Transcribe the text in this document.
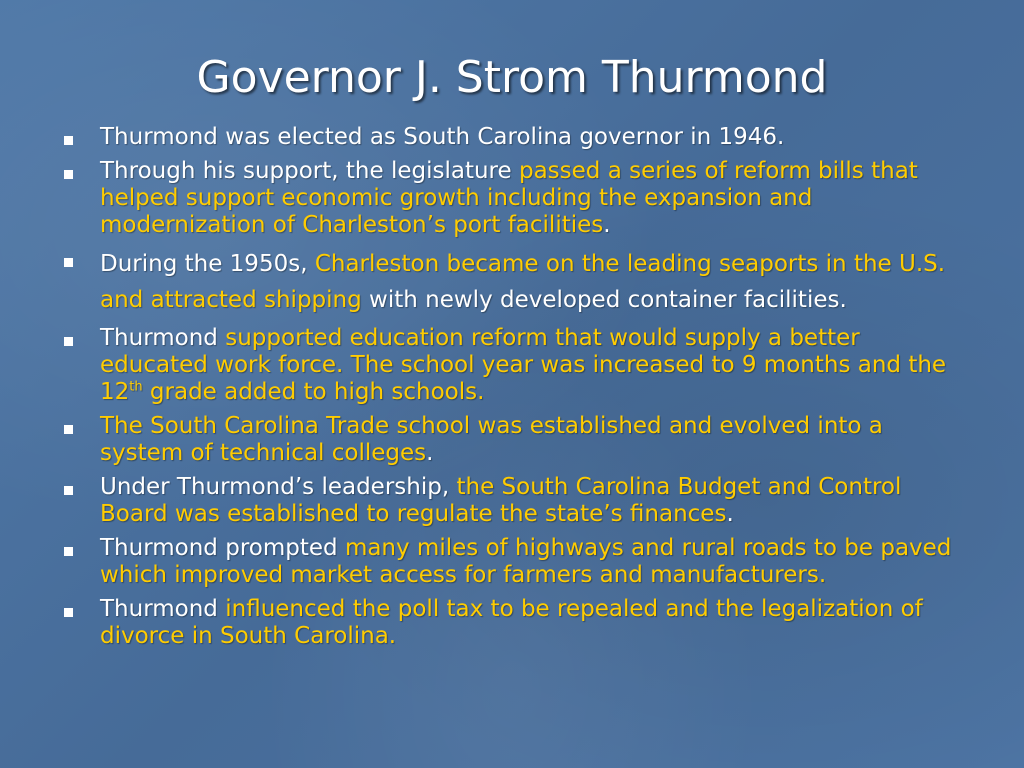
Governor J. Strom Thurmond
Thurmond was elected as South Carolina governor in 1946.
Through his support, the legislature passed a series of reform bills that helped support economic growth including the expansion and modernization of Charleston’s port facilities.
During the 1950s, Charleston became on the leading seaports in the U.S. and attracted shipping with newly developed container facilities.
Thurmond supported education reform that would supply a better educated work force. The school year was increased to 9 months and the 12th grade added to high schools.
The South Carolina Trade school was established and evolved into a system of technical colleges.
Under Thurmond’s leadership, the South Carolina Budget and Control Board was established to regulate the state’s finances.
Thurmond prompted many miles of highways and rural roads to be paved which improved market access for farmers and manufacturers.
Thurmond influenced the poll tax to be repealed and the legalization of divorce in South Carolina.
